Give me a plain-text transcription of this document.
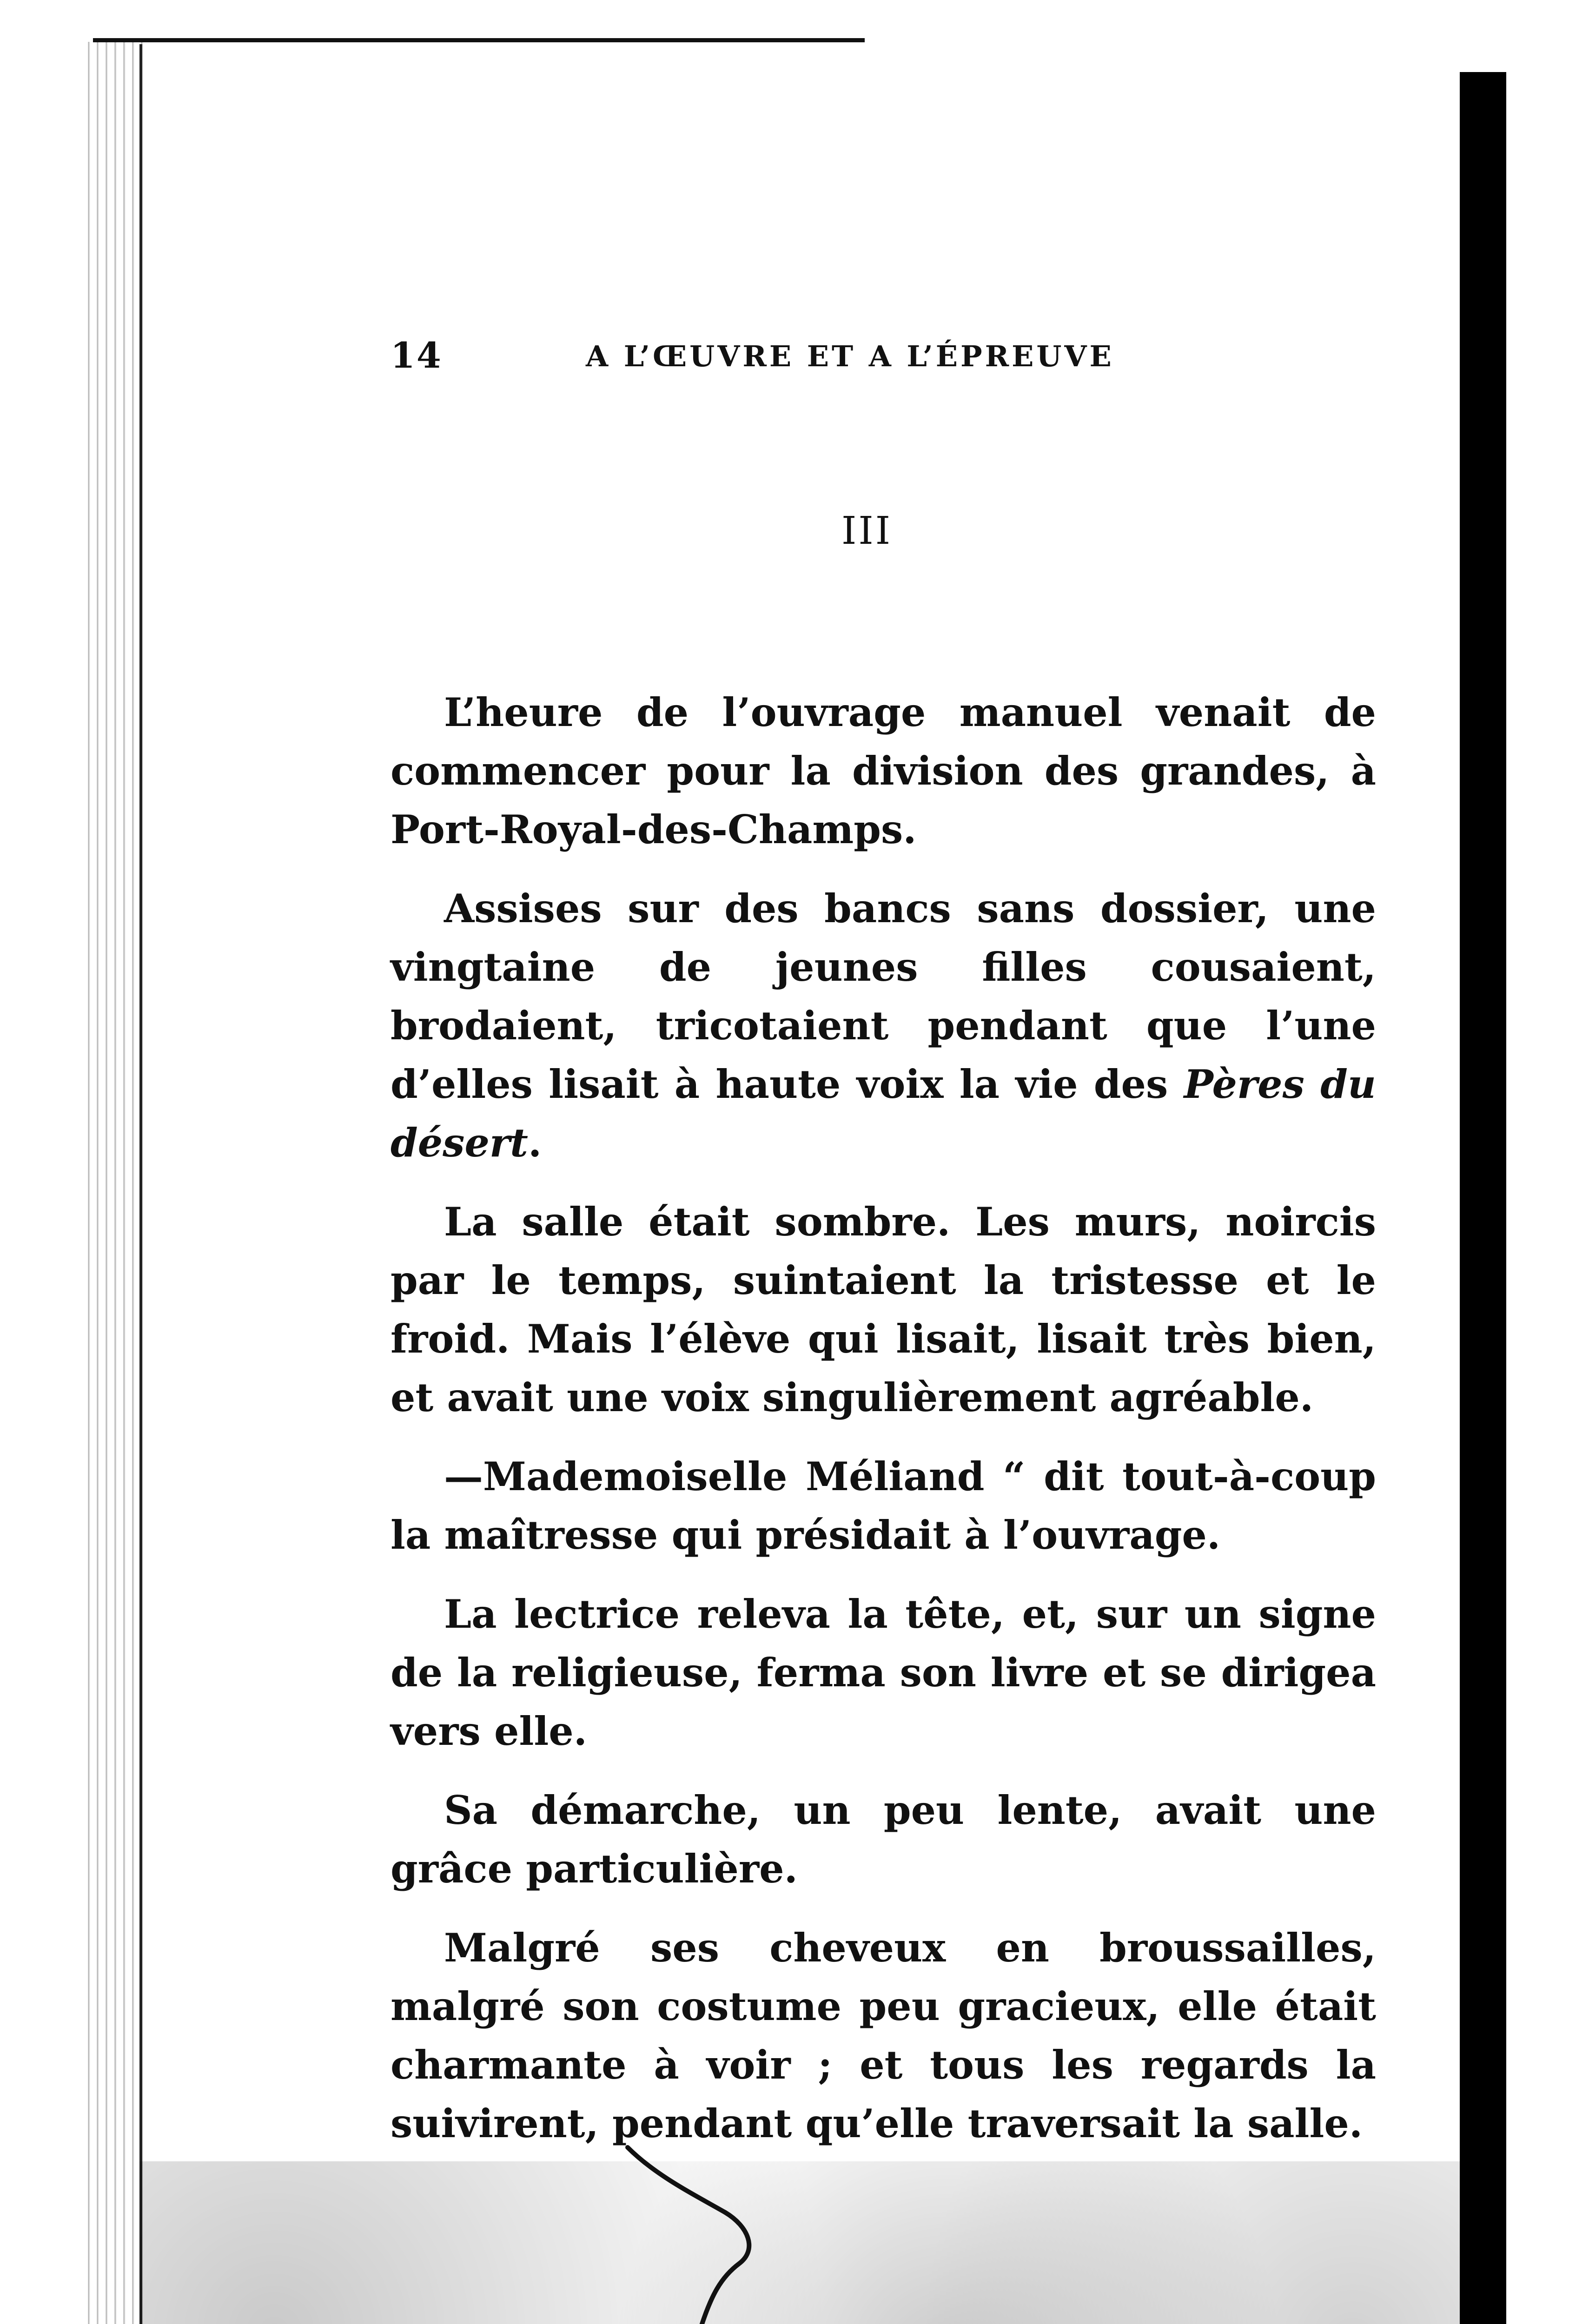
14	A L’ŒUVRE ET A L’ÉPREUVE
III

L’heure de l’ouvrage manuel venait de commencer pour la division des grandes, à Port-Royal-des-Champs.

Assises sur des bancs sans dossier, une vingtaine de jeunes filles cousaient, brodaient, tricotaient pendant que l’une d’elles lisait à haute voix la vie des Pères du désert.

La salle était sombre. Les murs, noircis par le temps, suintaient la tristesse et le froid. Mais l’élève qui lisait, lisait très bien, et avait une voix singulièrement agréable.

—Mademoiselle Méliand “ dit tout-à-coup la maîtresse qui présidait à l’ouvrage.

La lectrice releva la tête, et, sur un signe de la religieuse, ferma son livre et se dirigea vers elle.

Sa démarche, un peu lente, avait une grâce particulière.

Malgré ses cheveux en broussailles, malgré son costume peu gracieux, elle était charmante à voir ; et tous les regards la suivirent, pendant qu’elle traversait la salle.
